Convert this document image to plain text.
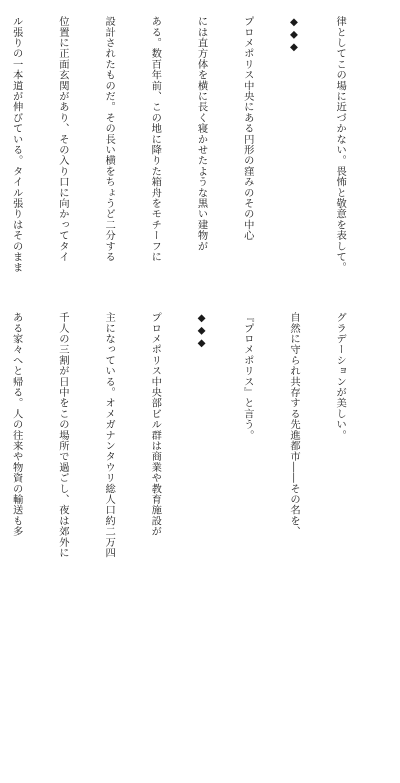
律としてこの場に近づかない。畏怖と敬意を表して。

◆◆◆

プロメポリス中央にある円形の窪みのその中心

には直方体を横に長く寝かせたような黒い建物が

ある。数百年前、この地に降りた箱舟をモチーフに

設計されたものだ。その長い横をちょうど二分する

位置に正面玄関があり、その入り口に向かってタイ

ル張りの一本道が伸びている。タイル張りはそのまま

グラデーションが美しい。

自然に守られ共存する先進都市――その名を、

『プロメポリス』と言う。

◆◆◆

プロメポリス中央部ビル群は商業や教育施設が

主になっている。オメガナンタウリ総人口約二万四

千人の三割が日中をこの場所で過ごし、夜は郊外に

ある家々へと帰る。人の往来や物資の輸送も多
